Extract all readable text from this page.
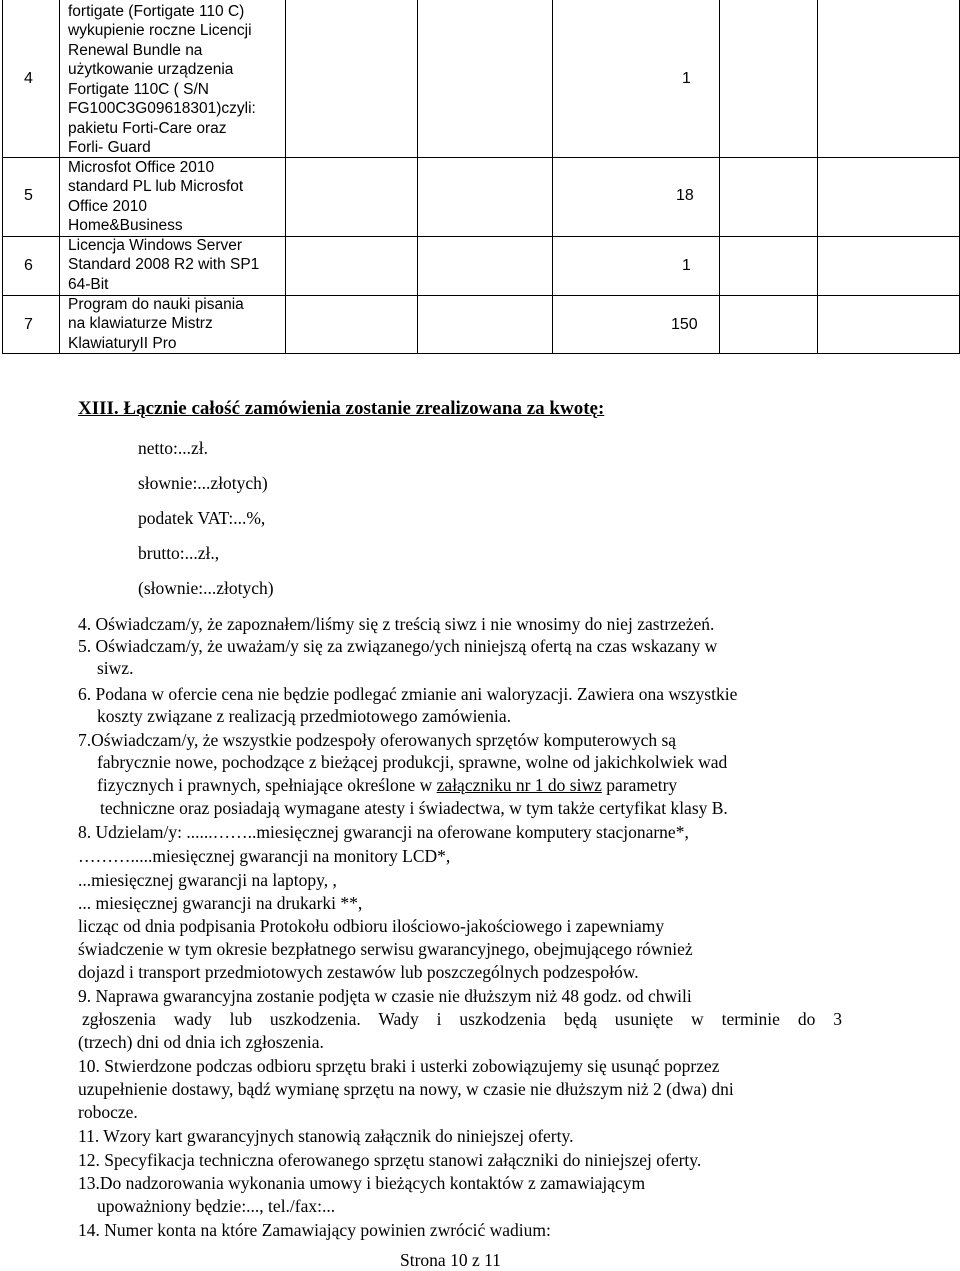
4
5
6
7
fortigate (Fortigate 110 C)
wykupienie roczne Licencji
Renewal Bundle na
użytkowanie urządzenia
Fortigate 110C ( S/N
FG100C3G09618301)czyli:
pakietu Forti-Care oraz
Forli- Guard
Microsfot Office 2010
standard PL lub Microsfot
Office 2010
Home&Business
Licencja Windows Server
Standard 2008 R2 with SP1
64-Bit
Program do nauki pisania
na klawiaturze Mistrz
KlawiaturyII Pro
1
18
1
150
XIII. Łącznie całość zamówienia zostanie zrealizowana za kwotę:
netto:...zł.
słownie:...złotych)
podatek VAT:...%,
brutto:...zł.,
(słownie:...złotych)
4. Oświadczam/y, że zapoznałem/liśmy się z treścią siwz i nie wnosimy do niej zastrzeżeń.
5. Oświadczam/y, że uważam/y się za związanego/ych niniejszą ofertą na czas wskazany w
siwz.
6. Podana w ofercie cena nie będzie podlegać zmianie ani waloryzacji. Zawiera ona wszystkie
koszty związane z realizacją przedmiotowego zamówienia.
7.Oświadczam/y, że wszystkie podzespoły oferowanych sprzętów komputerowych są
fabrycznie nowe, pochodzące z bieżącej produkcji, sprawne, wolne od jakichkolwiek wad
fizycznych i prawnych, spełniające określone w załączniku nr 1 do siwz parametry
techniczne oraz posiadają wymagane atesty i świadectwa, w tym także certyfikat klasy B.
8. Udzielam/y: ......……..miesięcznej gwarancji na oferowane komputery stacjonarne*,
……….....miesięcznej gwarancji na monitory LCD*,
...miesięcznej gwarancji na laptopy, ,
... miesięcznej gwarancji na drukarki **,
licząc od dnia podpisania Protokołu odbioru ilościowo-jakościowego i zapewniamy
świadczenie w tym okresie bezpłatnego serwisu gwarancyjnego, obejmującego również
dojazd i transport przedmiotowych zestawów lub poszczególnych podzespołów.
9. Naprawa gwarancyjna zostanie podjęta w czasie nie dłuższym niż 48 godz. od chwili
zgłoszenia wady lub uszkodzenia. Wady i uszkodzenia będą usunięte w terminie do 3
(trzech) dni od dnia ich zgłoszenia.
10. Stwierdzone podczas odbioru sprzętu braki i usterki zobowiązujemy się usunąć poprzez
uzupełnienie dostawy, bądź wymianę sprzętu na nowy, w czasie nie dłuższym niż 2 (dwa) dni
robocze.
11. Wzory kart gwarancyjnych stanowią załącznik do niniejszej oferty.
12. Specyfikacja techniczna oferowanego sprzętu stanowi załączniki do niniejszej oferty.
13.Do nadzorowania wykonania umowy i bieżących kontaktów z zamawiającym
upoważniony będzie:..., tel./fax:...
14. Numer konta na które Zamawiający powinien zwrócić wadium:
Strona 10 z 11
